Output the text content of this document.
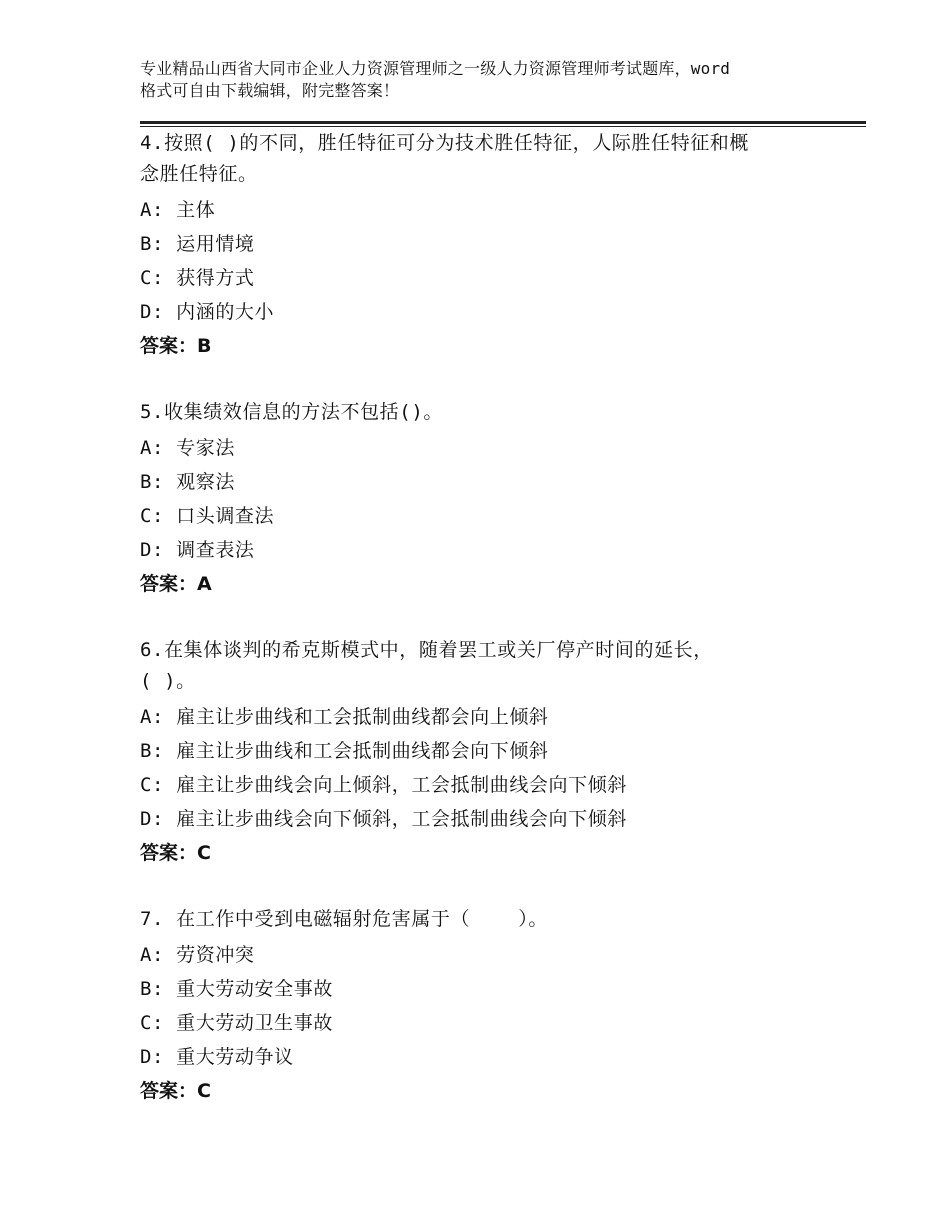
专业精品山西省大同市企业人力资源管理师之一级人力资源管理师考试题库，word
格式可自由下载编辑，附完整答案！
4.按照( )的不同，胜任特征可分为技术胜任特征，人际胜任特征和概
念胜任特征。
A: 主体
B: 运用情境
C: 获得方式
D: 内涵的大小
答案：B
5.收集绩效信息的方法不包括()。
A: 专家法
B: 观察法
C: 口头调查法
D: 调查表法
答案：A
6.在集体谈判的希克斯模式中，随着罢工或关厂停产时间的延长，
( )。
A: 雇主让步曲线和工会抵制曲线都会向上倾斜
B: 雇主让步曲线和工会抵制曲线都会向下倾斜
C: 雇主让步曲线会向上倾斜，工会抵制曲线会向下倾斜
D: 雇主让步曲线会向下倾斜，工会抵制曲线会向下倾斜
答案：C
7. 在工作中受到电磁辐射危害属于（    ）。
A: 劳资冲突
B: 重大劳动安全事故
C: 重大劳动卫生事故
D: 重大劳动争议
答案：C
